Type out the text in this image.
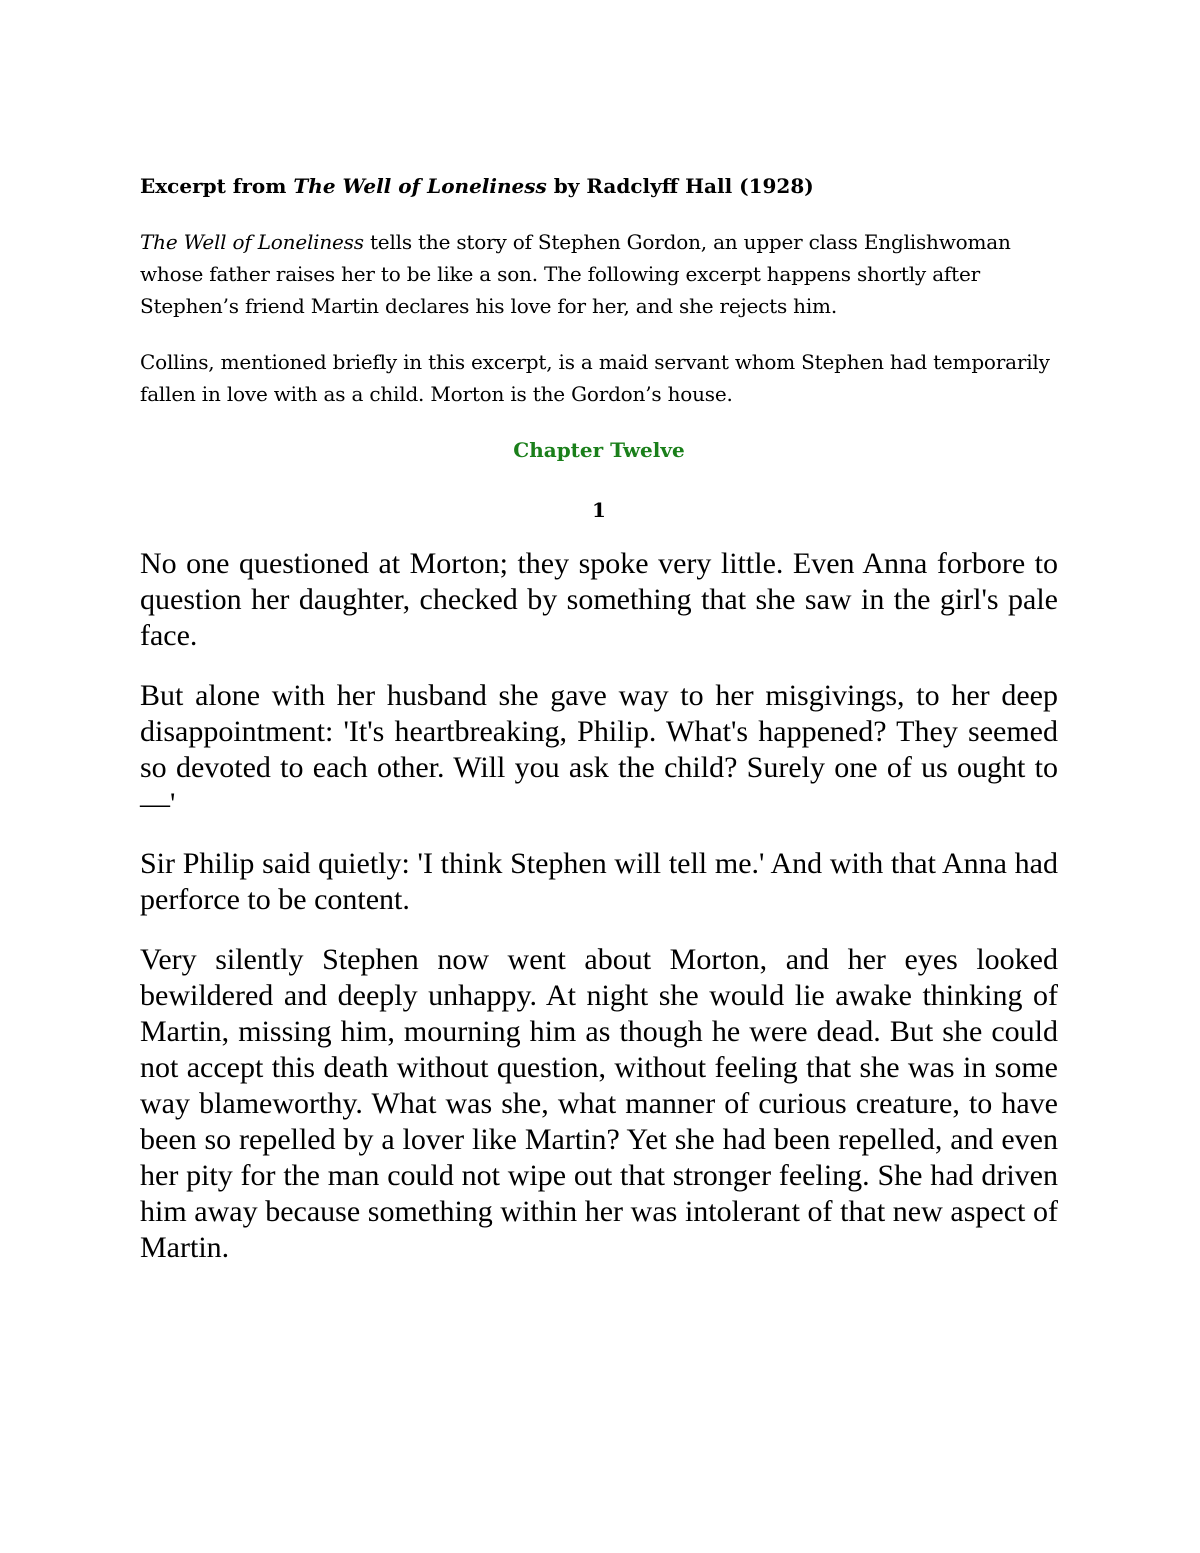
Excerpt from The Well of Loneliness by Radclyff Hall (1928)

The Well of Loneliness tells the story of Stephen Gordon, an upper class Englishwoman whose father raises her to be like a son. The following excerpt happens shortly after Stephen’s friend Martin declares his love for her, and she rejects him.

Collins, mentioned briefly in this excerpt, is a maid servant whom Stephen had temporarily fallen in love with as a child. Morton is the Gordon’s house.

Chapter Twelve

1

No one questioned at Morton; they spoke very little. Even Anna forbore to question her daughter, checked by something that she saw in the girl's pale face.

But alone with her husband she gave way to her misgivings, to her deep disappointment: 'It's heartbreaking, Philip. What's happened? They seemed so devoted to each other. Will you ask the child? Surely one of us ought to—'

Sir Philip said quietly: 'I think Stephen will tell me.' And with that Anna had perforce to be content.

Very silently Stephen now went about Morton, and her eyes looked bewildered and deeply unhappy. At night she would lie awake thinking of Martin, missing him, mourning him as though he were dead. But she could not accept this death without question, without feeling that she was in some way blameworthy. What was she, what manner of curious creature, to have been so repelled by a lover like Martin? Yet she had been repelled, and even her pity for the man could not wipe out that stronger feeling. She had driven him away because something within her was intolerant of that new aspect of Martin.
